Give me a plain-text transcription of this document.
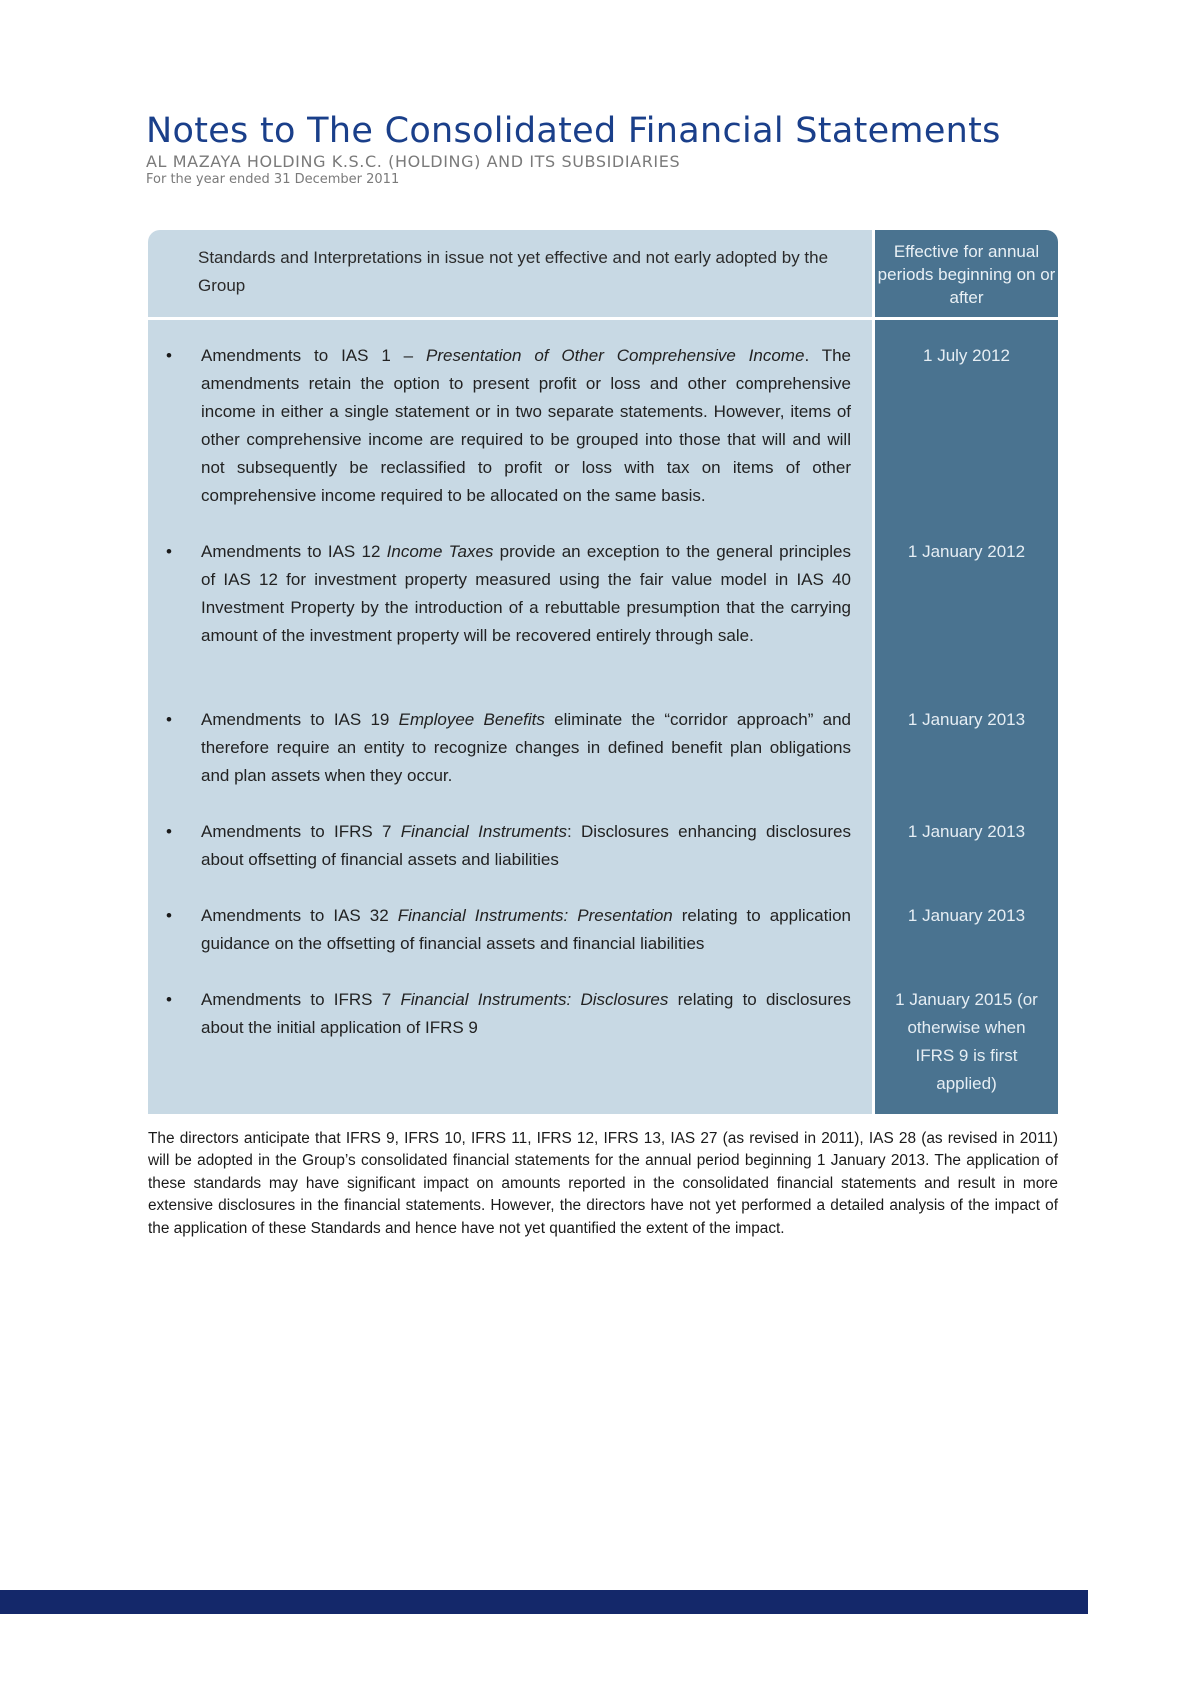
Notes to The Consolidated Financial Statements
AL MAZAYA HOLDING K.S.C. (HOLDING) AND ITS SUBSIDIARIES
For the year ended 31 December 2011
Standards and Interpretations in issue not yet effective and not early adopted by the Group
Effective for annual periods beginning on or after
• Amendments to IAS 1 – Presentation of Other Comprehensive Income. The amendments retain the option to present profit or loss and other comprehensive income in either a single statement or in two separate statements. However, items of other comprehensive income are required to be grouped into those that will and will not subsequently be reclassified to profit or loss with tax on items of other comprehensive income required to be allocated on the same basis.
1 July 2012
• Amendments to IAS 12 Income Taxes provide an exception to the general principles of IAS 12 for investment property measured using the fair value model in IAS 40 Investment Property by the introduction of a rebuttable presumption that the carrying amount of the investment property will be recovered entirely through sale.
1 January 2012
• Amendments to IAS 19 Employee Benefits eliminate the “corridor approach” and therefore require an entity to recognize changes in defined benefit plan obligations and plan assets when they occur.
1 January 2013
• Amendments to IFRS 7 Financial Instruments: Disclosures enhancing disclosures about offsetting of financial assets and liabilities
1 January 2013
• Amendments to IAS 32 Financial Instruments: Presentation relating to application guidance on the offsetting of financial assets and financial liabilities
1 January 2013
• Amendments to IFRS 7 Financial Instruments: Disclosures relating to disclosures about the initial application of IFRS 9
1 January 2015 (or otherwise when IFRS 9 is first applied)
The directors anticipate that IFRS 9, IFRS 10, IFRS 11, IFRS 12, IFRS 13, IAS 27 (as revised in 2011), IAS 28 (as revised in 2011) will be adopted in the Group’s consolidated financial statements for the annual period beginning 1 January 2013. The application of these standards may have significant impact on amounts reported in the consolidated financial statements and result in more extensive disclosures in the financial statements. However, the directors have not yet performed a detailed analysis of the impact of the application of these Standards and hence have not yet quantified the extent of the impact.
